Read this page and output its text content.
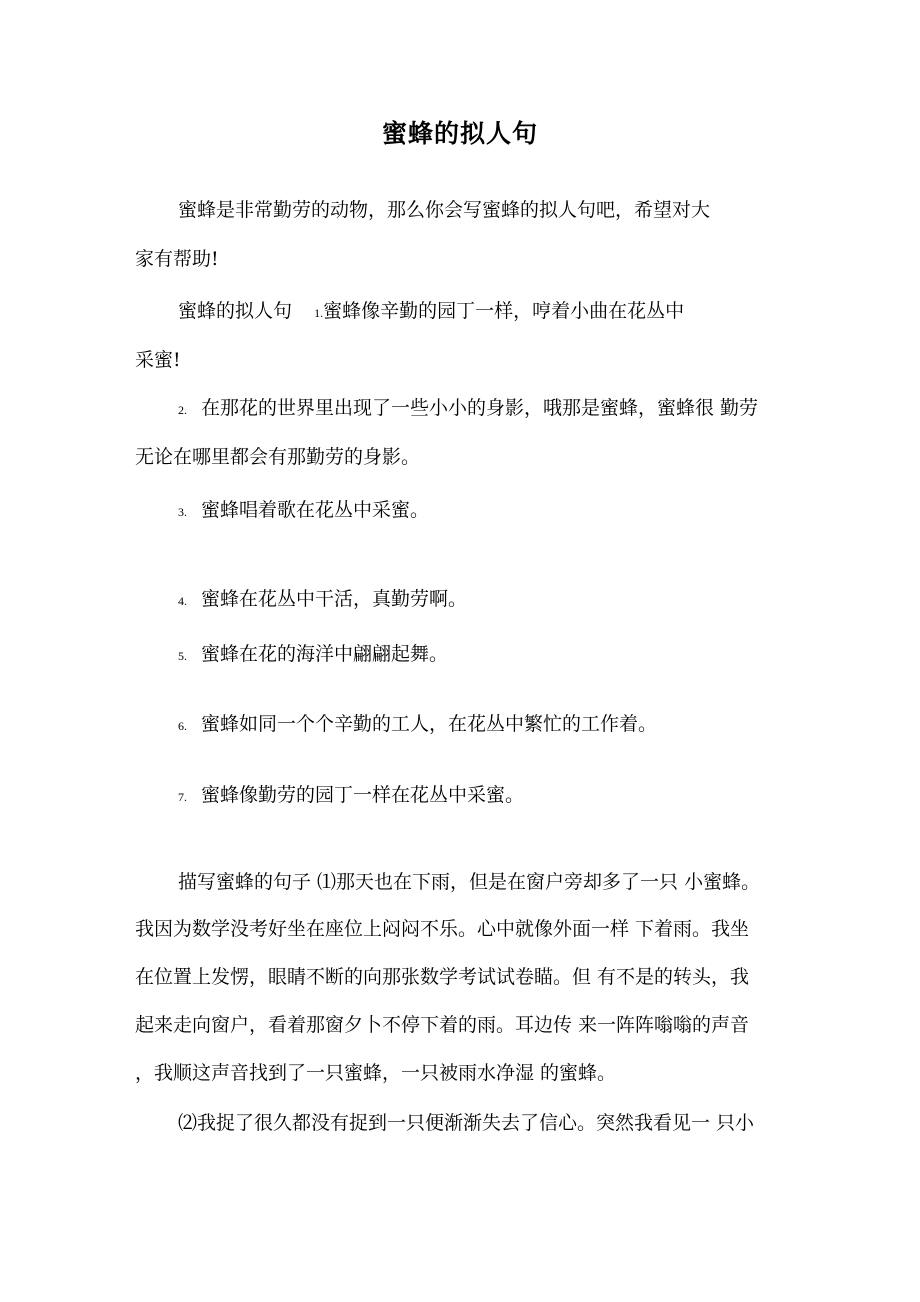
蜜蜂的拟人句
蜜蜂是非常勤劳的动物，那么你会写蜜蜂的拟人句吧，希望对大
家有帮助!
蜜蜂的拟人句 1.蜜蜂像辛勤的园丁一样，哼着小曲在花丛中
采蜜!
2. 在那花的世界里出现了一些小小的身影，哦那是蜜蜂，蜜蜂很 勤劳
无论在哪里都会有那勤劳的身影。
3. 蜜蜂唱着歌在花丛中采蜜。
4. 蜜蜂在花丛中干活，真勤劳啊。
5. 蜜蜂在花的海洋中翩翩起舞。
6. 蜜蜂如同一个个辛勤的工人，在花丛中繁忙的工作着。
7. 蜜蜂像勤劳的园丁一样在花丛中采蜜。
描写蜜蜂的句子 ⑴那天也在下雨，但是在窗户旁却多了一只 小蜜蜂。
我因为数学没考好坐在座位上闷闷不乐。心中就像外面一样 下着雨。我坐
在位置上发愣，眼睛不断的向那张数学考试试卷瞄。但 有不是的转头，我
起来走向窗户，看着那窗夕卜不停下着的雨。耳边传 来一阵阵嗡嗡的声音
，我顺这声音找到了一只蜜蜂，一只被雨水净湿 的蜜蜂。
⑵我捉了很久都没有捉到一只便渐渐失去了信心。突然我看见一 只小
